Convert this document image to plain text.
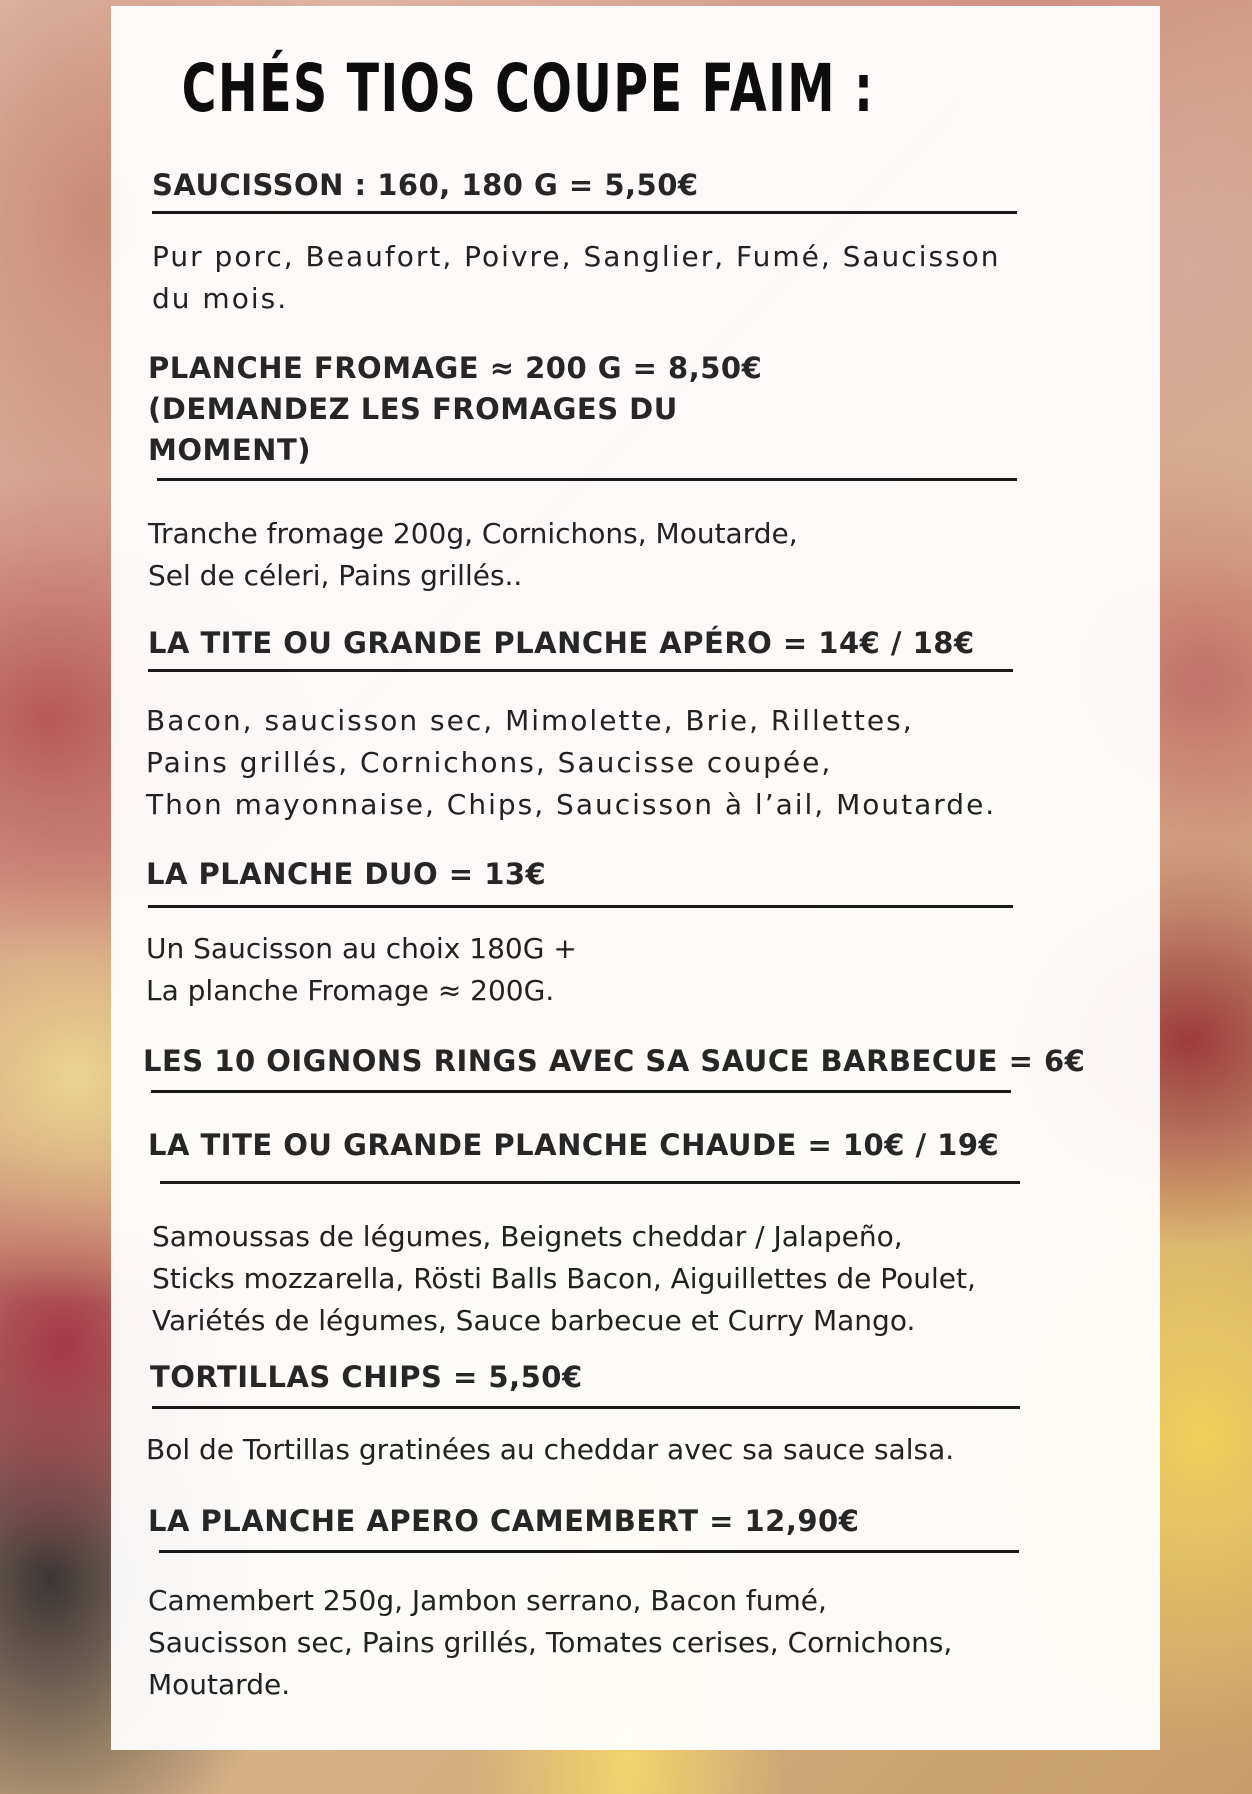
CHÉS TIOS COUPE FAIM :
SAUCISSON : 160, 180 G = 5,50€
Pur porc, Beaufort, Poivre, Sanglier, Fumé, Saucisson
du mois.
PLANCHE FROMAGE ≈ 200 G = 8,50€
(DEMANDEZ LES FROMAGES DU
MOMENT)
Tranche fromage 200g, Cornichons, Moutarde,
Sel de céleri, Pains grillés..
LA TITE OU GRANDE PLANCHE APÉRO = 14€ / 18€
Bacon, saucisson sec, Mimolette, Brie, Rillettes,
Pains grillés, Cornichons, Saucisse coupée,
Thon mayonnaise, Chips, Saucisson à l’ail, Moutarde.
LA PLANCHE DUO = 13€
Un Saucisson au choix 180G +
La planche Fromage ≈ 200G.
LES 10 OIGNONS RINGS AVEC SA SAUCE BARBECUE = 6€
LA TITE OU GRANDE PLANCHE CHAUDE = 10€ / 19€
Samoussas de légumes, Beignets cheddar / Jalapeño,
Sticks mozzarella, Rösti Balls Bacon, Aiguillettes de Poulet,
Variétés de légumes, Sauce barbecue et Curry Mango.
TORTILLAS CHIPS = 5,50€
Bol de Tortillas gratinées au cheddar avec sa sauce salsa.
LA PLANCHE APERO CAMEMBERT = 12,90€
Camembert 250g, Jambon serrano, Bacon fumé,
Saucisson sec, Pains grillés, Tomates cerises, Cornichons,
Moutarde.
